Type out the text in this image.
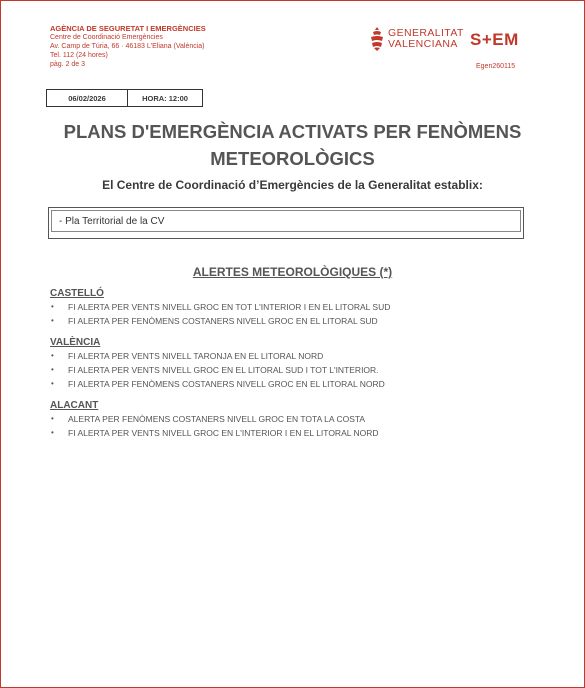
AGÈNCIA DE SEGURETAT I EMERGÈNCIES
Centre de Coordinació Emergències
Av. Camp de Túria, 66 · 46183 L'Eliana (València)
Tel. 112 (24 hores)
pàg. 2 de 3
GENERALITAT
VALENCIANA S+EM
Egen260115
06/02/2026	HORA: 12:00
PLANS D'EMERGÈNCIA ACTIVATS PER FENÒMENS METEOROLÒGICS
El Centre de Coordinació d’Emergències de la Generalitat establix:
- Pla Territorial de la CV
ALERTES METEOROLÒGIQUES (*)
CASTELLÓ
• FI ALERTA PER VENTS NIVELL GROC EN TOT L'INTERIOR I EN EL LITORAL SUD
• FI ALERTA PER FENÒMENS COSTANERS NIVELL GROC EN EL LITORAL SUD
VALÈNCIA
• FI ALERTA PER VENTS NIVELL TARONJA EN EL LITORAL NORD
• FI ALERTA PER VENTS NIVELL GROC EN EL LITORAL SUD I TOT L'INTERIOR.
• FI ALERTA PER FENÒMENS COSTANERS NIVELL GROC EN EL LITORAL NORD
ALACANT
• ALERTA PER FENÒMENS COSTANERS NIVELL GROC EN TOTA LA COSTA
• FI ALERTA PER VENTS NIVELL GROC EN L'INTERIOR I EN EL LITORAL NORD
